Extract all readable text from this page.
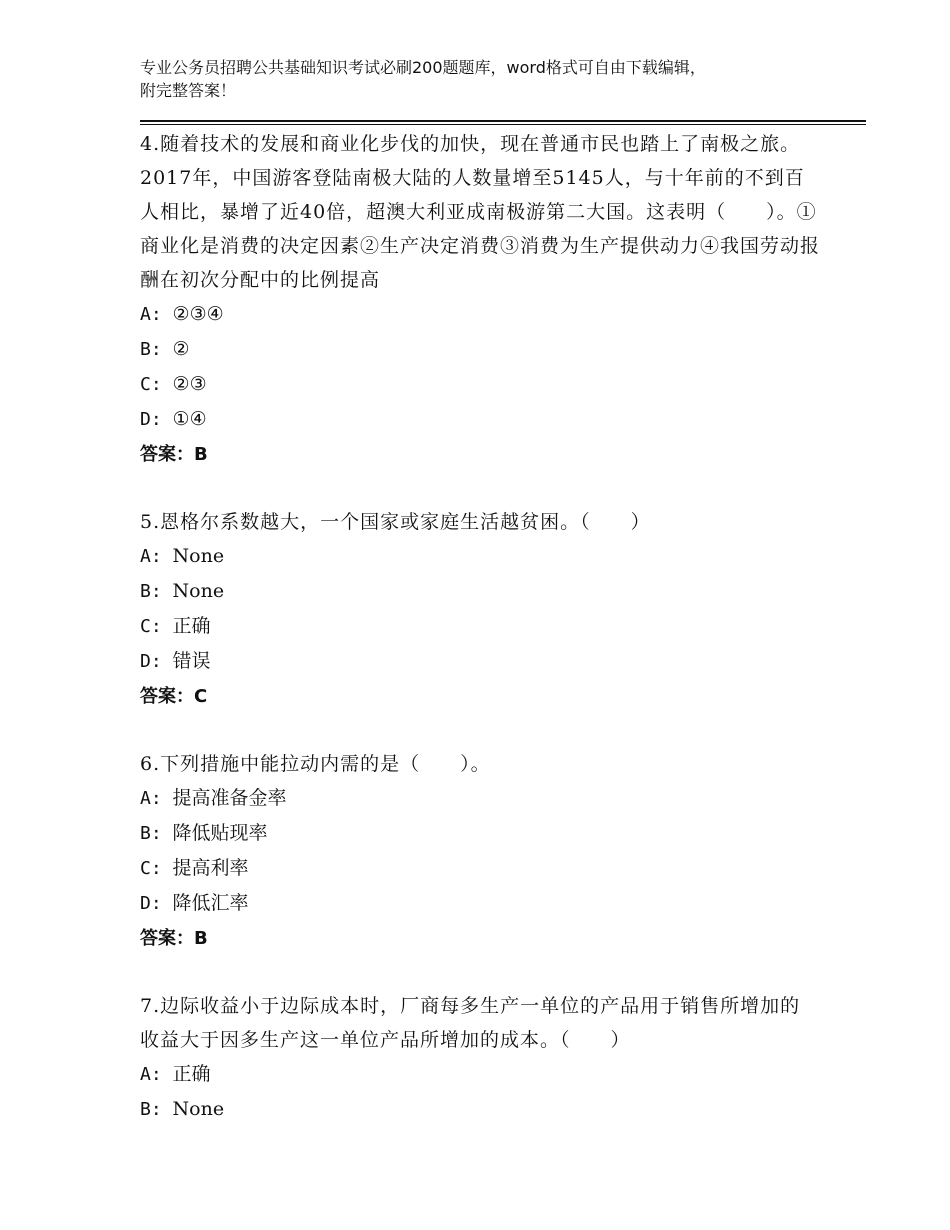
专业公务员招聘公共基础知识考试必刷200题题库，word格式可自由下载编辑，
附完整答案！

4.随着技术的发展和商业化步伐的加快，现在普通市民也踏上了南极之旅。2017年，中国游客登陆南极大陆的人数量增至5145人，与十年前的不到百人相比，暴增了近40倍，超澳大利亚成南极游第二大国。这表明（　　）。①商业化是消费的决定因素②生产决定消费③消费为生产提供动力④我国劳动报酬在初次分配中的比例提高

A: ②③④

B: ②

C: ②③

D: ①④

答案：B

5.恩格尔系数越大，一个国家或家庭生活越贫困。（　　）

A: None

B: None

C: 正确

D: 错误

答案：C

6.下列措施中能拉动内需的是（　　）。

A: 提高准备金率

B: 降低贴现率

C: 提高利率

D: 降低汇率

答案：B

7.边际收益小于边际成本时，厂商每多生产一单位的产品用于销售所增加的收益大于因多生产这一单位产品所增加的成本。（　　）

A: 正确

B: None
